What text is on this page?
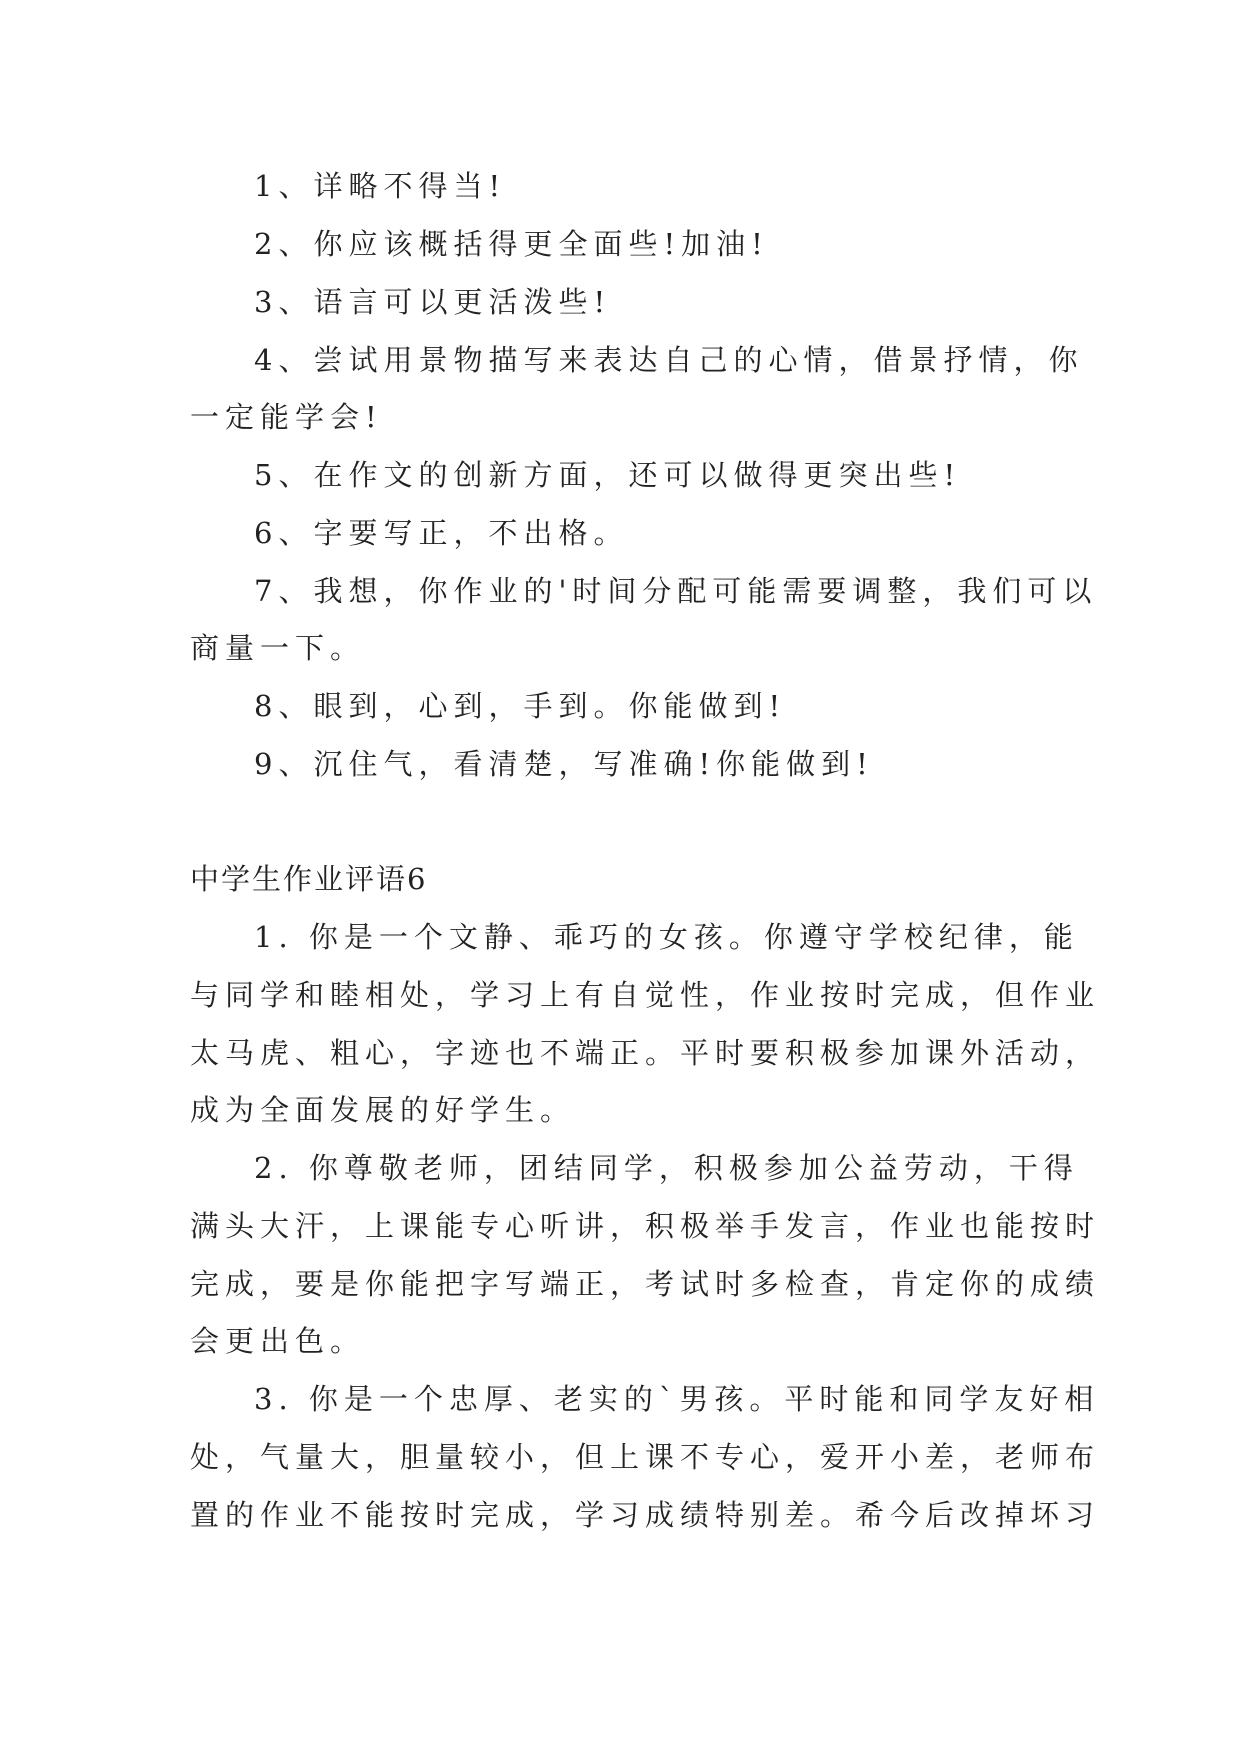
1、详略不得当!
2、你应该概括得更全面些!加油!
3、语言可以更活泼些!
4、尝试用景物描写来表达自己的心情，借景抒情，你
一定能学会!
5、在作文的创新方面，还可以做得更突出些!
6、字要写正，不出格。
7、我想，你作业的'时间分配可能需要调整，我们可以
商量一下。
8、眼到，心到，手到。你能做到!
9、沉住气，看清楚，写准确!你能做到!
中学生作业评语6
1. 你是一个文静、乖巧的女孩。你遵守学校纪律，能
与同学和睦相处，学习上有自觉性，作业按时完成，但作业
太马虎、粗心，字迹也不端正。平时要积极参加课外活动，
成为全面发展的好学生。
2. 你尊敬老师，团结同学，积极参加公益劳动，干得
满头大汗，上课能专心听讲，积极举手发言，作业也能按时
完成，要是你能把字写端正，考试时多检查，肯定你的成绩
会更出色。
3. 你是一个忠厚、老实的`男孩。平时能和同学友好相
处，气量大，胆量较小，但上课不专心，爱开小差，老师布
置的作业不能按时完成，学习成绩特别差。希今后改掉坏习
